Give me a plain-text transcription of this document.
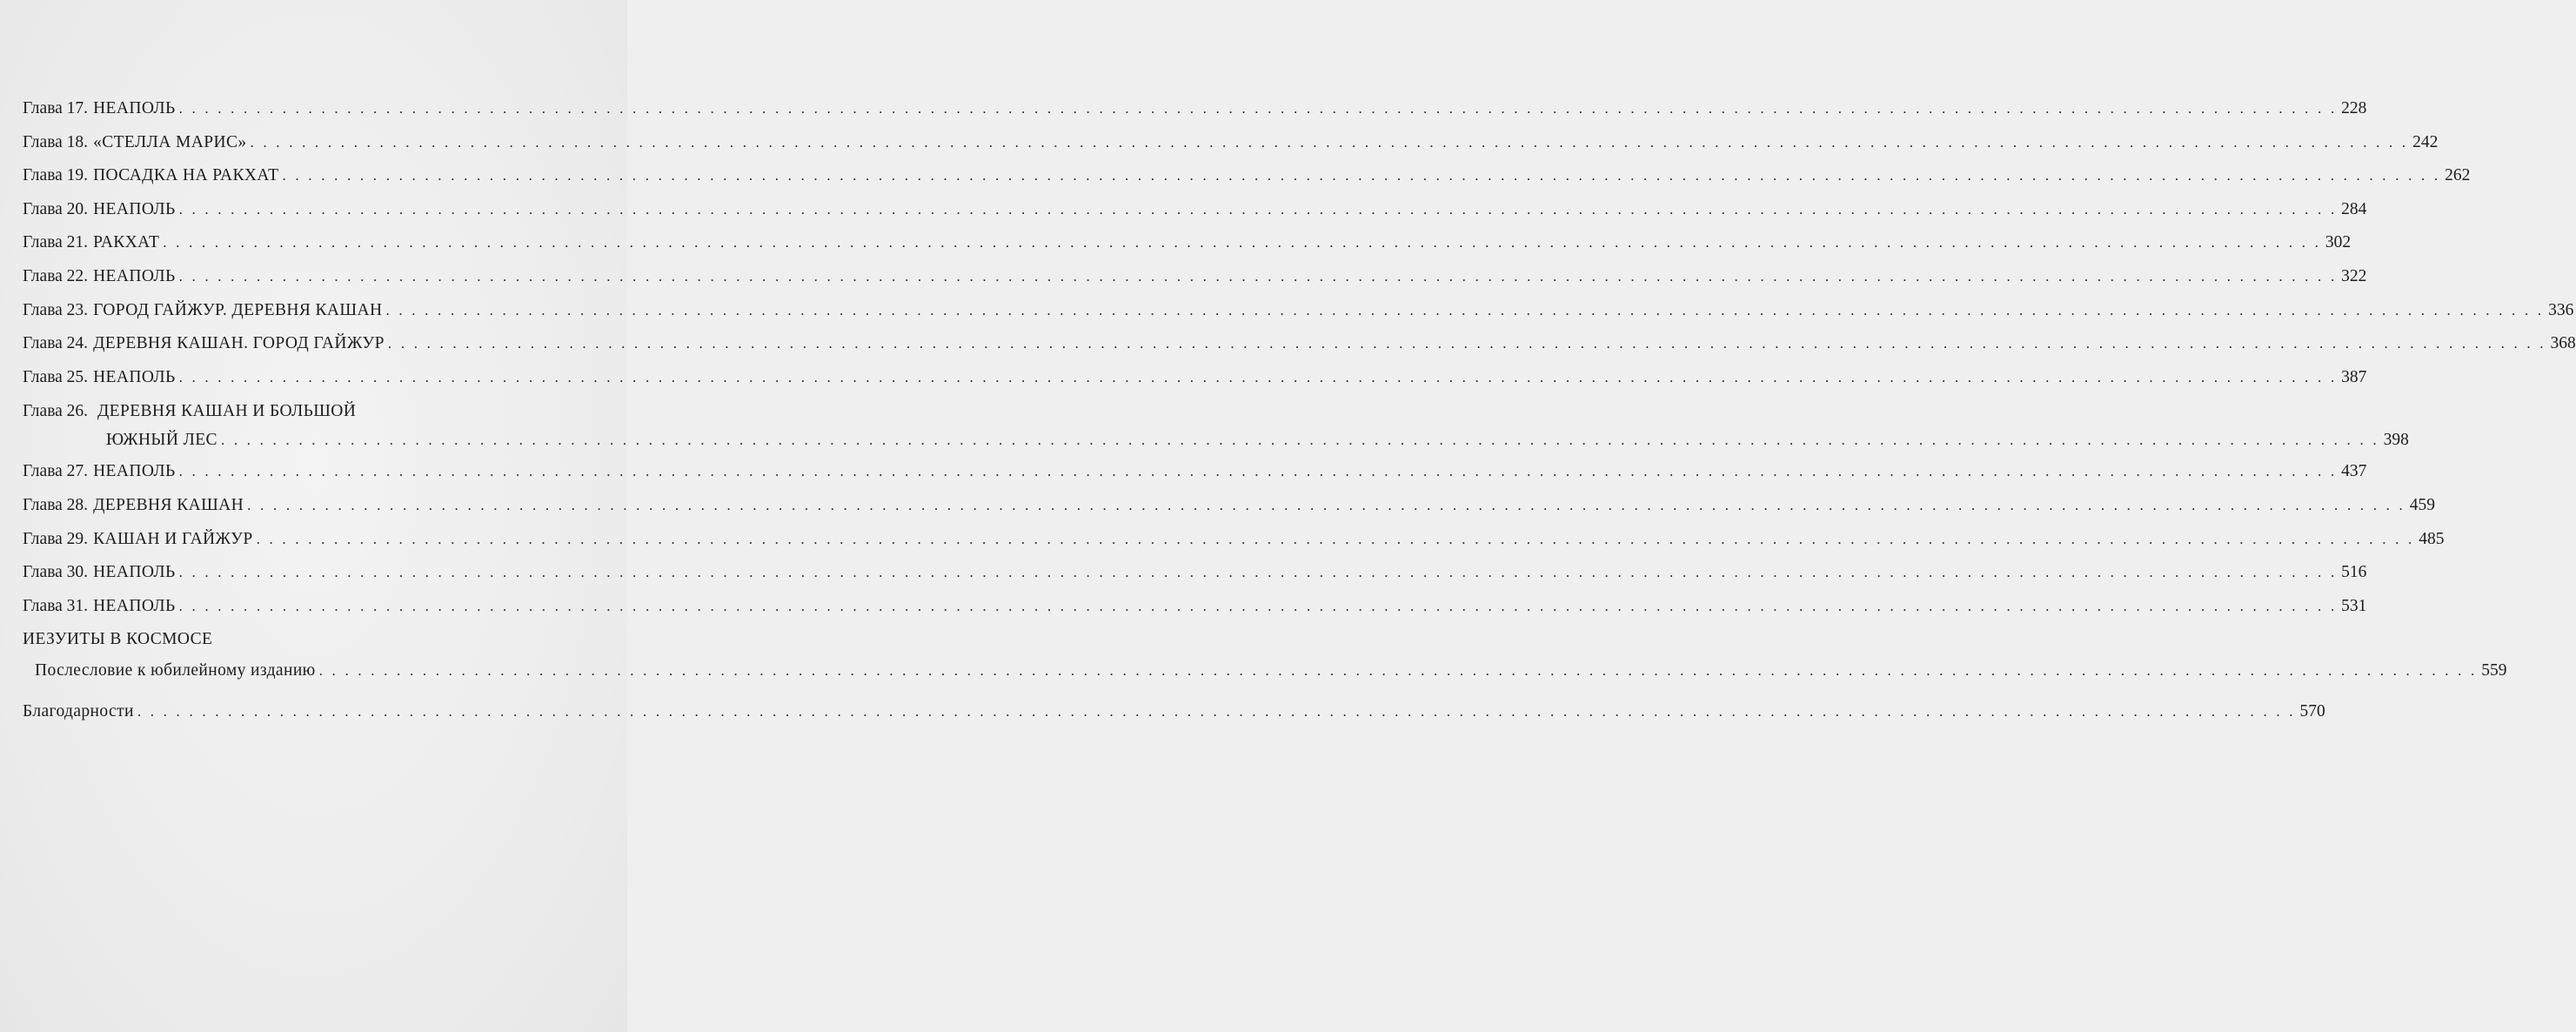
Глава 17. НЕАПОЛЬ . . .	228
Глава 18. «СТЕЛЛА МАРИС» . . .	242
Глава 19. ПОСАДКА НА РАКХАТ . . .	262
Глава 20. НЕАПОЛЬ . . .	284
Глава 21. РАКХАТ . . .	302
Глава 22. НЕАПОЛЬ . . .	322
Глава 23. ГОРОД ГАЙЖУР. ДЕРЕВНЯ КАШАН . . .	336
Глава 24. ДЕРЕВНЯ КАШАН. ГОРОД ГАЙЖУР . . .	368
Глава 25. НЕАПОЛЬ . . .	387
Глава 26. ДЕРЕВНЯ КАШАН И БОЛЬШОЙ
ЮЖНЫЙ ЛЕС . . .	398
Глава 27. НЕАПОЛЬ . . .	437
Глава 28. ДЕРЕВНЯ КАШАН . . .	459
Глава 29. КАШАН И ГАЙЖУР . . .	485
Глава 30. НЕАПОЛЬ . . .	516
Глава 31. НЕАПОЛЬ . . .	531
ИЕЗУИТЫ В КОСМОСЕ
Послесловие к юбилейному изданию . . .	559
Благодарности . . .	570
